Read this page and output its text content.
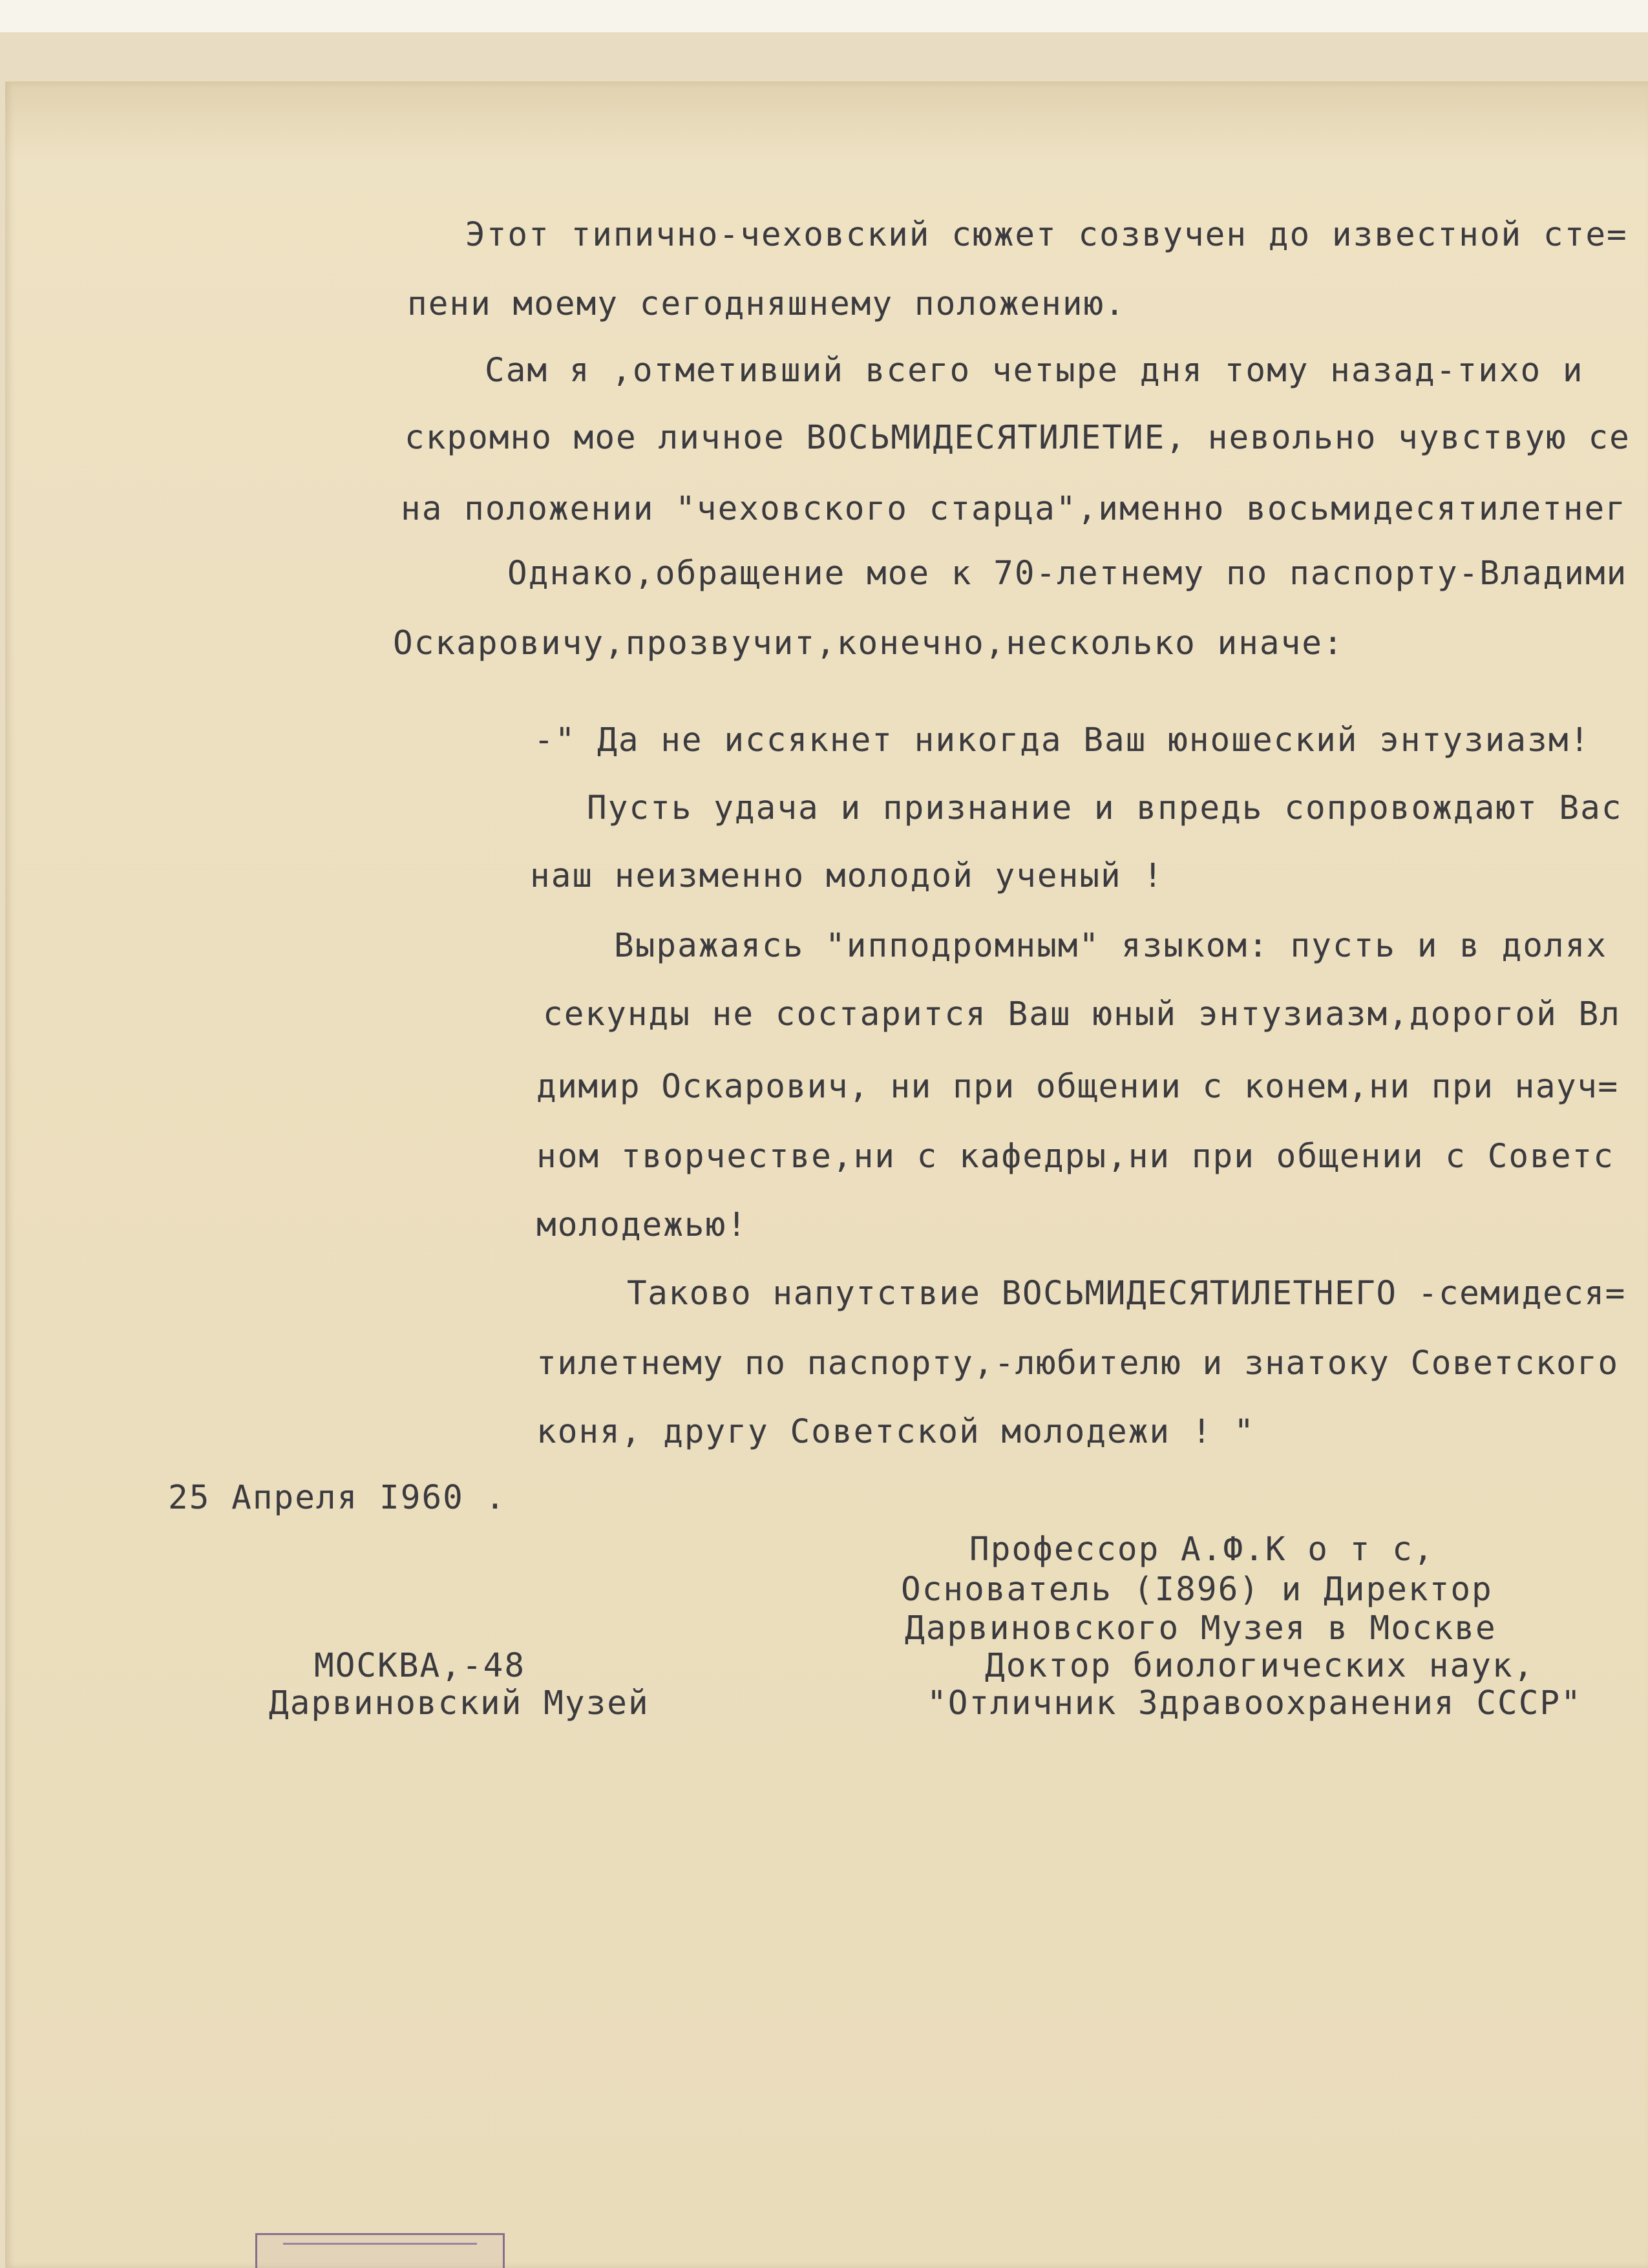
Этот типично-чеховский сюжет созвучен до известной сте=
пени моему сегодняшнему положению.
Сам я ,отметивший всего четыре дня тому назад-тихо и
скромно мое личное ВОСЬМИДЕСЯТИЛЕТИЕ, невольно чувствую се
на положении "чеховского старца",именно восьмидесятилетнег
Однако,обращение мое к 70-летнему по паспорту-Владими
Оскаровичу,прозвучит,конечно,несколько иначе:
-" Да не иссякнет никогда Ваш юношеский энтузиазм!
Пусть удача и признание и впредь сопровождают Вас
наш неизменно молодой ученый !
Выражаясь "ипподромным" языком: пусть и в долях
секунды не состарится Ваш юный энтузиазм,дорогой Вл
димир Оскарович, ни при общении с конем,ни при науч=
ном творчестве,ни с кафедры,ни при общении с Советс
молодежью!
Таково напутствие ВОСЬМИДЕСЯТИЛЕТНЕГО -семидеся=
тилетнему по паспорту,-любителю и знатоку Советского
коня, другу Советской молодежи ! "
25 Апреля I960 .
Профессор А.Ф.К о т с,
Основатель (I896) и Директор
Дарвиновского Музея в Москве
Доктор биологических наук,
"Отличник Здравоохранения СССР"
МОСКВА,-48
Дарвиновский Музей
